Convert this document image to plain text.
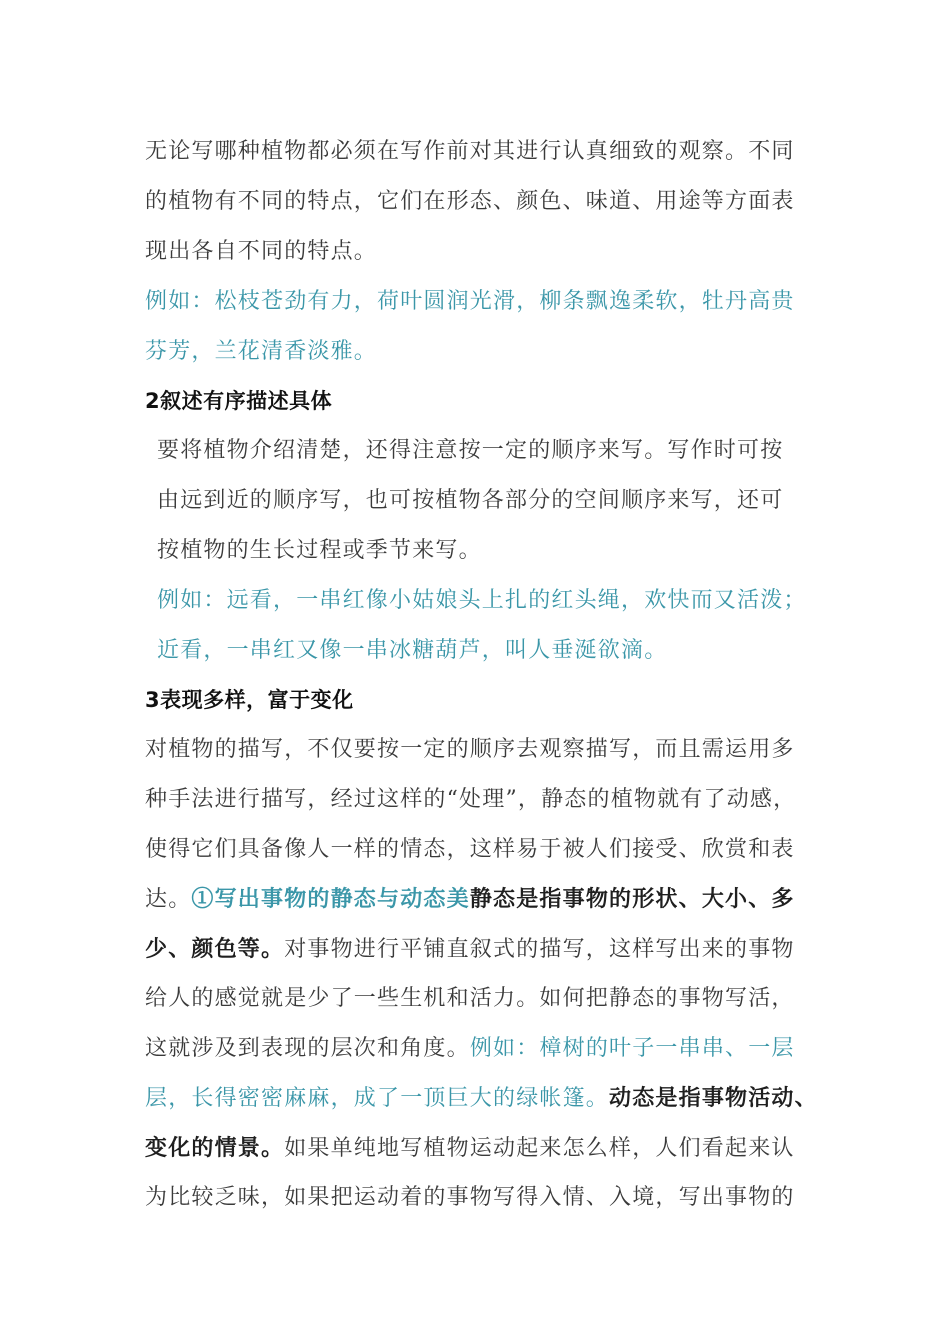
无论写哪种植物都必须在写作前对其进行认真细致的观察。不同
的植物有不同的特点，它们在形态、颜色、味道、用途等方面表
现出各自不同的特点。
例如：松枝苍劲有力，荷叶圆润光滑，柳条飘逸柔软，牡丹高贵
芬芳，兰花清香淡雅。
2叙述有序描述具体
要将植物介绍清楚，还得注意按一定的顺序来写。写作时可按
由远到近的顺序写，也可按植物各部分的空间顺序来写，还可
按植物的生长过程或季节来写。
例如：远看，一串红像小姑娘头上扎的红头绳，欢快而又活泼；
近看，一串红又像一串冰糖葫芦，叫人垂涎欲滴。
3表现多样，富于变化
对植物的描写，不仅要按一定的顺序去观察描写，而且需运用多
种手法进行描写，经过这样的“处理”，静态的植物就有了动感，
使得它们具备像人一样的情态，这样易于被人们接受、欣赏和表
达。①写出事物的静态与动态美静态是指事物的形状、大小、多
少、颜色等。对事物进行平铺直叙式的描写，这样写出来的事物
给人的感觉就是少了一些生机和活力。如何把静态的事物写活，
这就涉及到表现的层次和角度。例如：樟树的叶子一串串、一层
层，长得密密麻麻，成了一顶巨大的绿帐篷。动态是指事物活动、
变化的情景。如果单纯地写植物运动起来怎么样，人们看起来认
为比较乏味，如果把运动着的事物写得入情、入境，写出事物的
